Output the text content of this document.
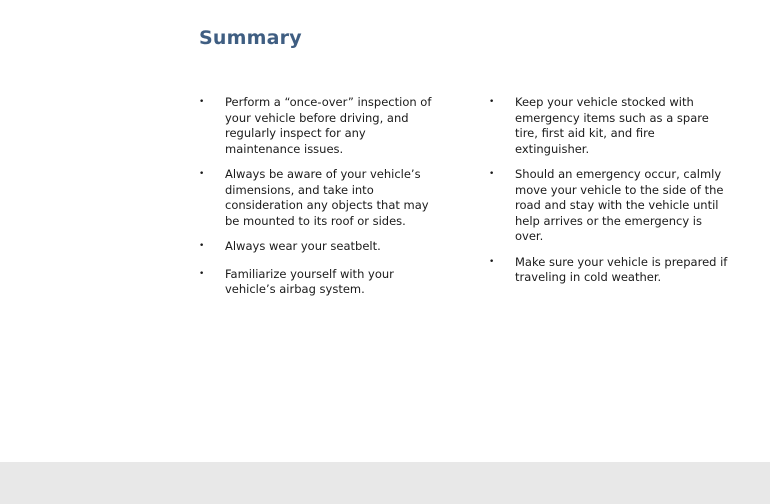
Summary
• Perform a “once-over” inspection of your vehicle before driving, and regularly inspect for any maintenance issues.
• Always be aware of your vehicle’s dimensions, and take into consideration any objects that may be mounted to its roof or sides.
• Always wear your seatbelt.
• Familiarize yourself with your vehicle’s airbag system.
• Keep your vehicle stocked with emergency items such as a spare tire, first aid kit, and fire extinguisher.
• Should an emergency occur, calmly move your vehicle to the side of the road and stay with the vehicle until help arrives or the emergency is over.
• Make sure your vehicle is prepared if traveling in cold weather.
